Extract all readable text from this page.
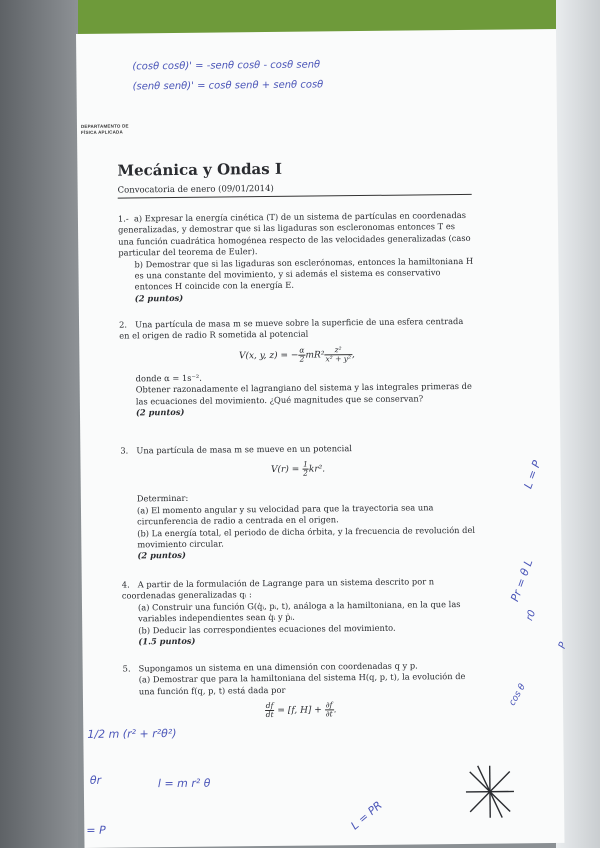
(cosθ cosθ)' = -senθ cosθ - cosθ senθ
(senθ senθ)' = cosθ senθ + senθ cosθ
DEPARTAMENTO DE
FÍSICA APLICADA
Mecánica y Ondas I
Convocatoria de enero (09/01/2014)
1.- a) Expresar la energía cinética (T) de un sistema de partículas en coordenadas generalizadas, y demostrar que si las ligaduras son escleronomas entonces T es una función cuadrática homogénea respecto de las velocidades generalizadas (caso particular del teorema de Euler).
b) Demostrar que si las ligaduras son esclerónomas, entonces la hamiltoniana H es una constante del movimiento, y si además el sistema es conservativo entonces H coincide con la energía E.
(2 puntos)
2. Una partícula de masa m se mueve sobre la superficie de una esfera centrada en el origen de radio R sometida al potencial
V(x, y, z) = − $\frac{\alpha}{2} mR^2 \frac{\text{z²}}{\text{x² + y²}}$ ,
donde α = 1s⁻².
Obtener razonadamente el lagrangiano del sistema y las integrales primeras de las ecuaciones del movimiento. ¿Qué magnitudes que se conservan?
(2 puntos)
3. Una partícula de masa m se mueve en un potencial
$V(r) = \frac{1}{2} kr^2$.
Determinar:
(a) El momento angular y su velocidad para que la trayectoria sea una circunferencia de radio a centrada en el origen.
(b) La energía total, el periodo de dicha órbita, y la frecuencia de revolución del movimiento circular.
(2 puntos)
4. A partir de la formulación de Lagrange para un sistema descrito por n coordenadas generalizadas qᵢ :
(a) Construir una función G(q̇ᵢ, pᵢ, t), análoga a la hamiltoniana, en la que las variables independientes sean q̇ᵢ y ṗᵢ.
(b) Deducir las correspondientes ecuaciones del movimiento.
(1.5 puntos)
5. Supongamos un sistema en una dimensión con coordenadas q y p.
(a) Demostrar que para la hamiltoniana del sistema H(q, p, t), la evolución de una función f(q, p, t) está dada por
$\frac{df}{dt} = [f$, $H] + \frac{\partial f}{\partial t}$ .
1/2 m (r² + r²θ²)
θr	l = m r² θ
= P	L = PR
L = P
Pr = θ L
r0
P
cos θ
